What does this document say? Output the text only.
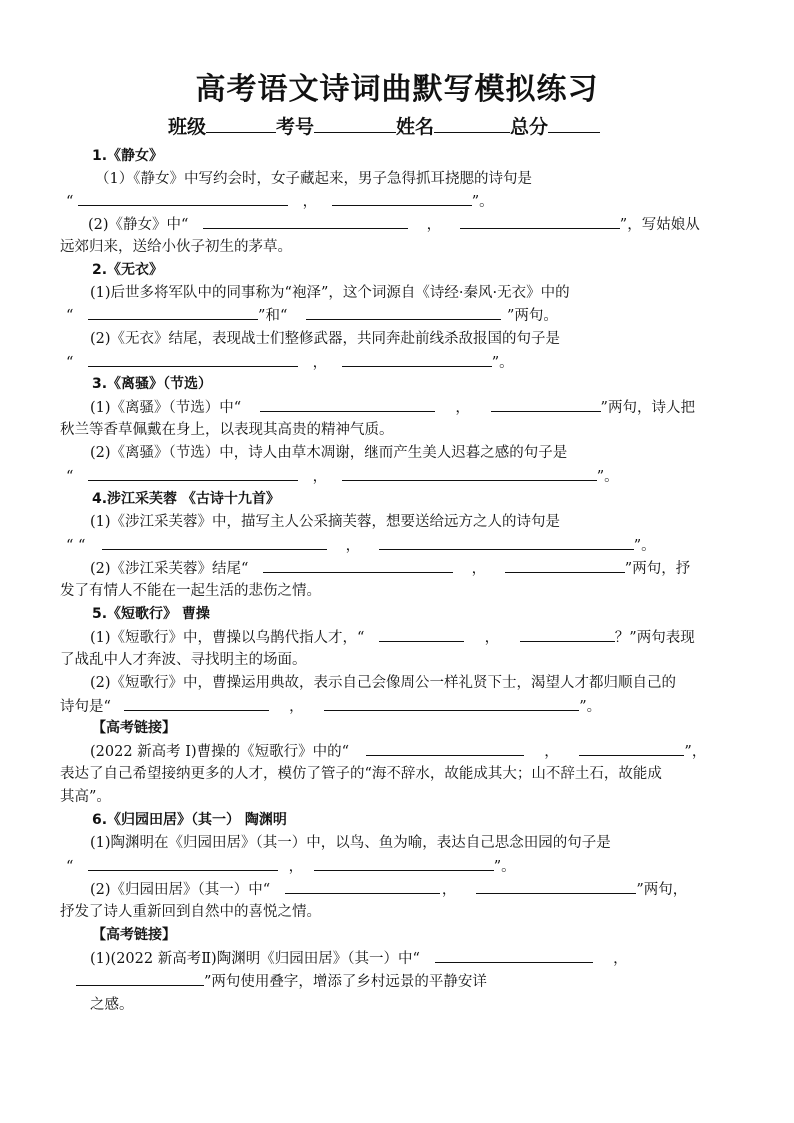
高考语文诗词曲默写模拟练习
班级	考号	姓名	总分
1.《静女》
（1）《静女》中写约会时，女子藏起来，男子急得抓耳挠腮的诗句是
“	，	”。
(2)《静女》中“	，	”，写姑娘从
远郊归来，送给小伙子初生的茅草。
2.《无衣》
(1)后世多将军队中的同事称为“袍泽”，这个词源自《诗经·秦风·无衣》中的
“	”和“	”两句。
(2)《无衣》结尾，表现战士们整修武器，共同奔赴前线杀敌报国的句子是
“	，	”。
3.《离骚》（节选）
(1)《离骚》（节选）中“	，	”两句，诗人把
秋兰等香草佩戴在身上，以表现其高贵的精神气质。
(2)《离骚》（节选）中，诗人由草木凋谢，继而产生美人迟暮之感的句子是
“	，	”。
4.涉江采芙蓉 《古诗十九首》
(1)《涉江采芙蓉》中，描写主人公采摘芙蓉，想要送给远方之人的诗句是
“ “	，	”。
(2)《涉江采芙蓉》结尾“	，	”两句，抒
发了有情人不能在一起生活的悲伤之情。
5.《短歌行》 曹操
(1)《短歌行》中，曹操以乌鹊代指人才，“	，	？”两句表现
了战乱中人才奔波、寻找明主的场面。
(2)《短歌行》中，曹操运用典故，表示自己会像周公一样礼贤下士，渴望人才都归顺自己的
诗句是“	，	”。
【高考链接】
(2022 新高考 I)曹操的《短歌行》中的“	，	”，
表达了自己希望接纳更多的人才，模仿了管子的“海不辞水，故能成其大；山不辞土石，故能成
其高”。
6.《归园田居》（其一） 陶渊明
(1)陶渊明在《归园田居》（其一）中，以鸟、鱼为喻，表达自己思念田园的句子是
“	，	”。
(2)《归园田居》（其一）中“	，	”两句，
抒发了诗人重新回到自然中的喜悦之情。
【高考链接】
(1)(2022 新高考Ⅱ)陶渊明《归园田居》（其一）中“	，
”两句使用叠字，增添了乡村远景的平静安详
之感。
